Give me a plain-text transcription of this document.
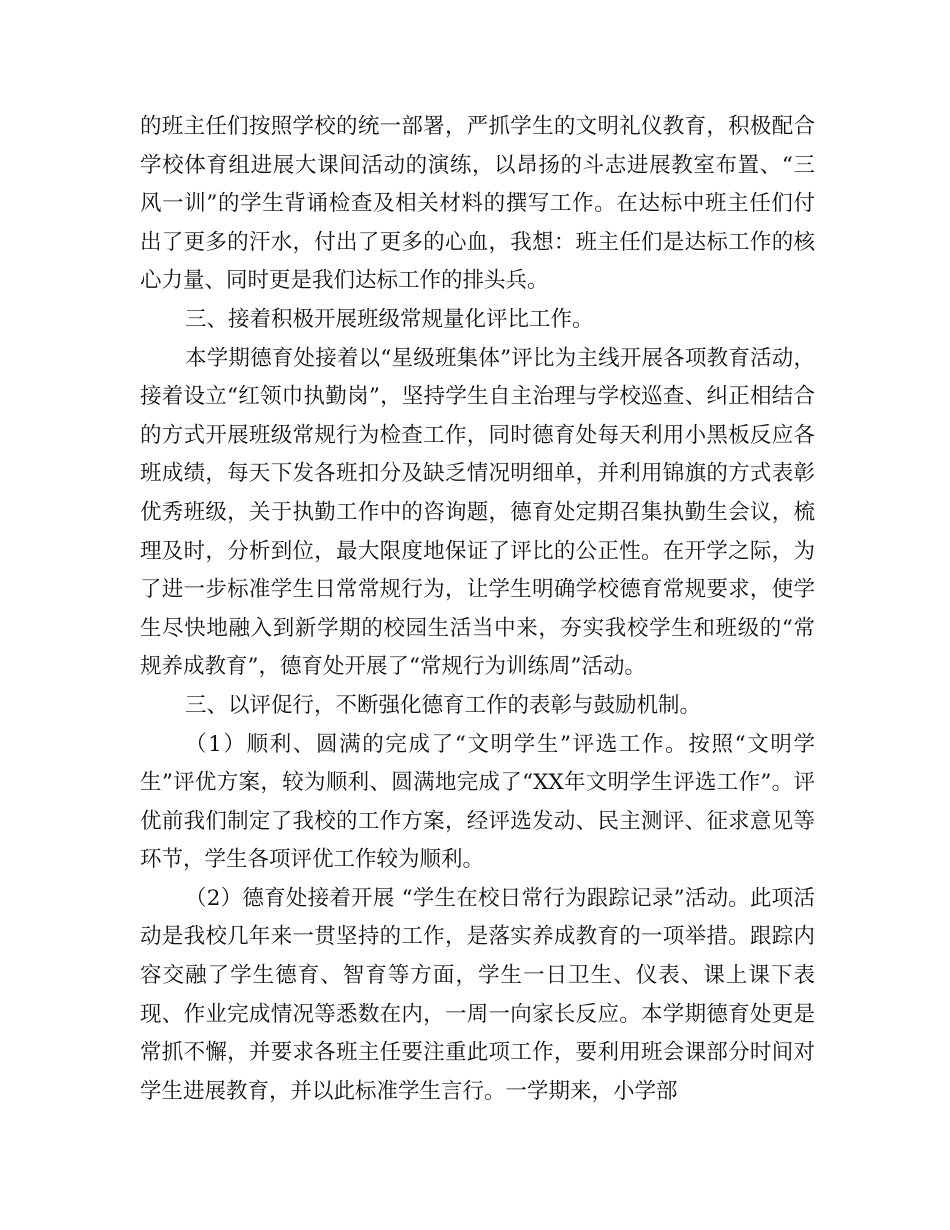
的班主任们按照学校的统一部署，严抓学生的文明礼仪教育，积极配合学校体育组进展大课间活动的演练，以昂扬的斗志进展教室布置、“三风一训”的学生背诵检查及相关材料的撰写工作。在达标中班主任们付出了更多的汗水，付出了更多的心血，我想：班主任们是达标工作的核心力量、同时更是我们达标工作的排头兵。

三、接着积极开展班级常规量化评比工作。

本学期德育处接着以“星级班集体”评比为主线开展各项教育活动，接着设立“红领巾执勤岗”，坚持学生自主治理与学校巡查、纠正相结合的方式开展班级常规行为检查工作，同时德育处每天利用小黑板反应各班成绩，每天下发各班扣分及缺乏情况明细单，并利用锦旗的方式表彰优秀班级，关于执勤工作中的咨询题，德育处定期召集执勤生会议，梳理及时，分析到位，最大限度地保证了评比的公正性。在开学之际，为了进一步标准学生日常常规行为，让学生明确学校德育常规要求，使学生尽快地融入到新学期的校园生活当中来，夯实我校学生和班级的“常规养成教育”，德育处开展了“常规行为训练周”活动。

三、以评促行，不断强化德育工作的表彰与鼓励机制。

（1）顺利、圆满的完成了“文明学生”评选工作。按照“文明学生”评优方案，较为顺利、圆满地完成了“XX年文明学生评选工作”。评优前我们制定了我校的工作方案，经评选发动、民主测评、征求意见等环节，学生各项评优工作较为顺利。

（2）德育处接着开展 “学生在校日常行为跟踪记录”活动。此项活动是我校几年来一贯坚持的工作，是落实养成教育的一项举措。跟踪内容交融了学生德育、智育等方面，学生一日卫生、仪表、课上课下表现、作业完成情况等悉数在内，一周一向家长反应。本学期德育处更是常抓不懈，并要求各班主任要注重此项工作，要利用班会课部分时间对学生进展教育，并以此标准学生言行。一学期来，小学部
